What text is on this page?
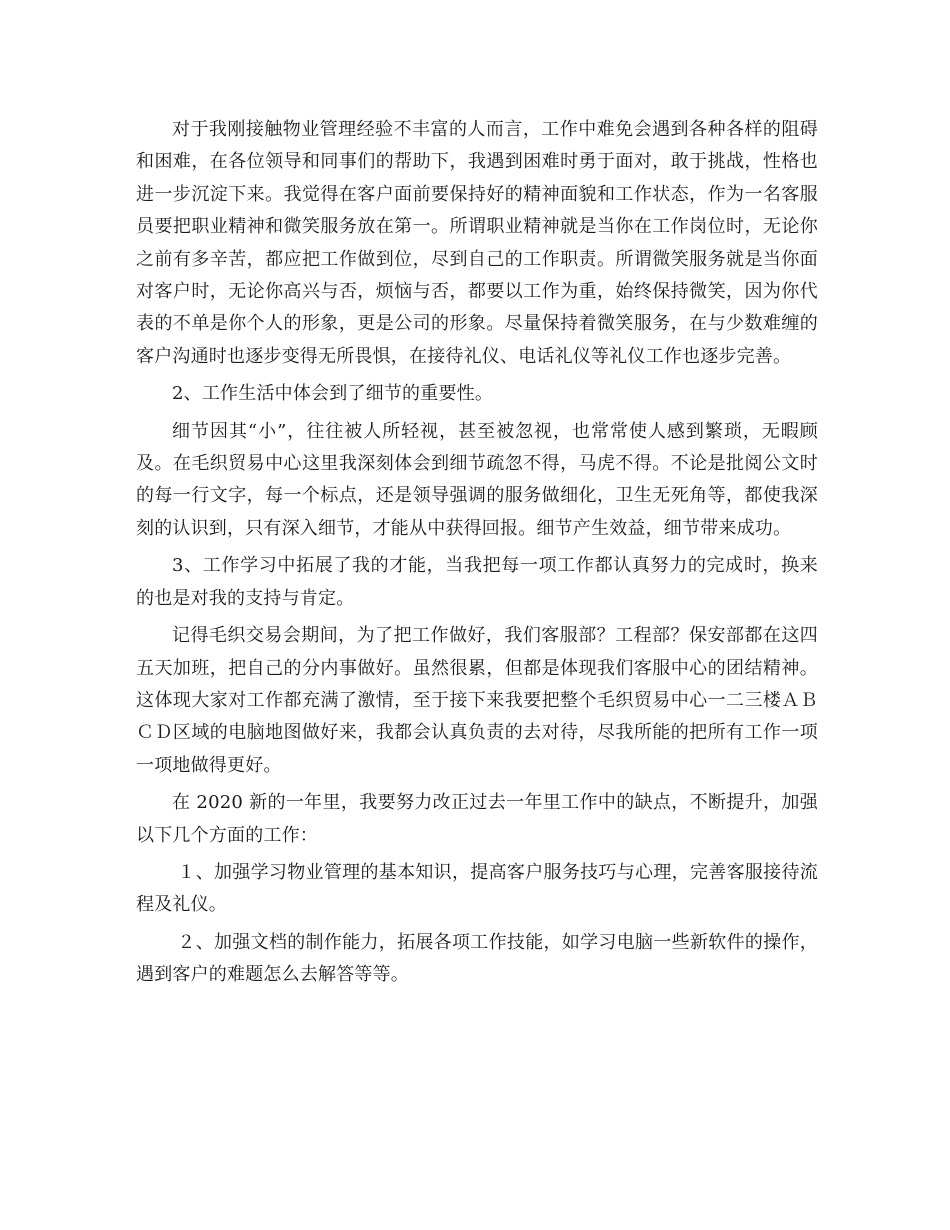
对于我刚接触物业管理经验不丰富的人而言，工作中难免会遇到各种各样的阻碍和困难，在各位领导和同事们的帮助下，我遇到困难时勇于面对，敢于挑战，性格也进一步沉淀下来。我觉得在客户面前要保持好的精神面貌和工作状态，作为一名客服员要把职业精神和微笑服务放在第一。所谓职业精神就是当你在工作岗位时，无论你之前有多辛苦，都应把工作做到位，尽到自己的工作职责。所谓微笑服务就是当你面对客户时，无论你高兴与否，烦恼与否，都要以工作为重，始终保持微笑，因为你代表的不单是你个人的形象，更是公司的形象。尽量保持着微笑服务，在与少数难缠的客户沟通时也逐步变得无所畏惧，在接待礼仪、电话礼仪等礼仪工作也逐步完善。

2、工作生活中体会到了细节的重要性。

细节因其“小”，往往被人所轻视，甚至被忽视，也常常使人感到繁琐，无暇顾及。在毛织贸易中心这里我深刻体会到细节疏忽不得，马虎不得。不论是批阅公文时的每一行文字，每一个标点，还是领导强调的服务做细化，卫生无死角等，都使我深刻的认识到，只有深入细节，才能从中获得回报。细节产生效益，细节带来成功。

3、工作学习中拓展了我的才能，当我把每一项工作都认真努力的完成时，换来的也是对我的支持与肯定。

记得毛织交易会期间，为了把工作做好，我们客服部？工程部？保安部都在这四五天加班，把自己的分内事做好。虽然很累，但都是体现我们客服中心的团结精神。这体现大家对工作都充满了激情，至于接下来我要把整个毛织贸易中心一二三楼ＡＢＣＤ区域的电脑地图做好来，我都会认真负责的去对待，尽我所能的把所有工作一项一项地做得更好。

在 2020 新的一年里，我要努力改正过去一年里工作中的缺点，不断提升，加强以下几个方面的工作：

１、加强学习物业管理的基本知识，提高客户服务技巧与心理，完善客服接待流程及礼仪。

２、加强文档的制作能力，拓展各项工作技能，如学习电脑一些新软件的操作，遇到客户的难题怎么去解答等等。
